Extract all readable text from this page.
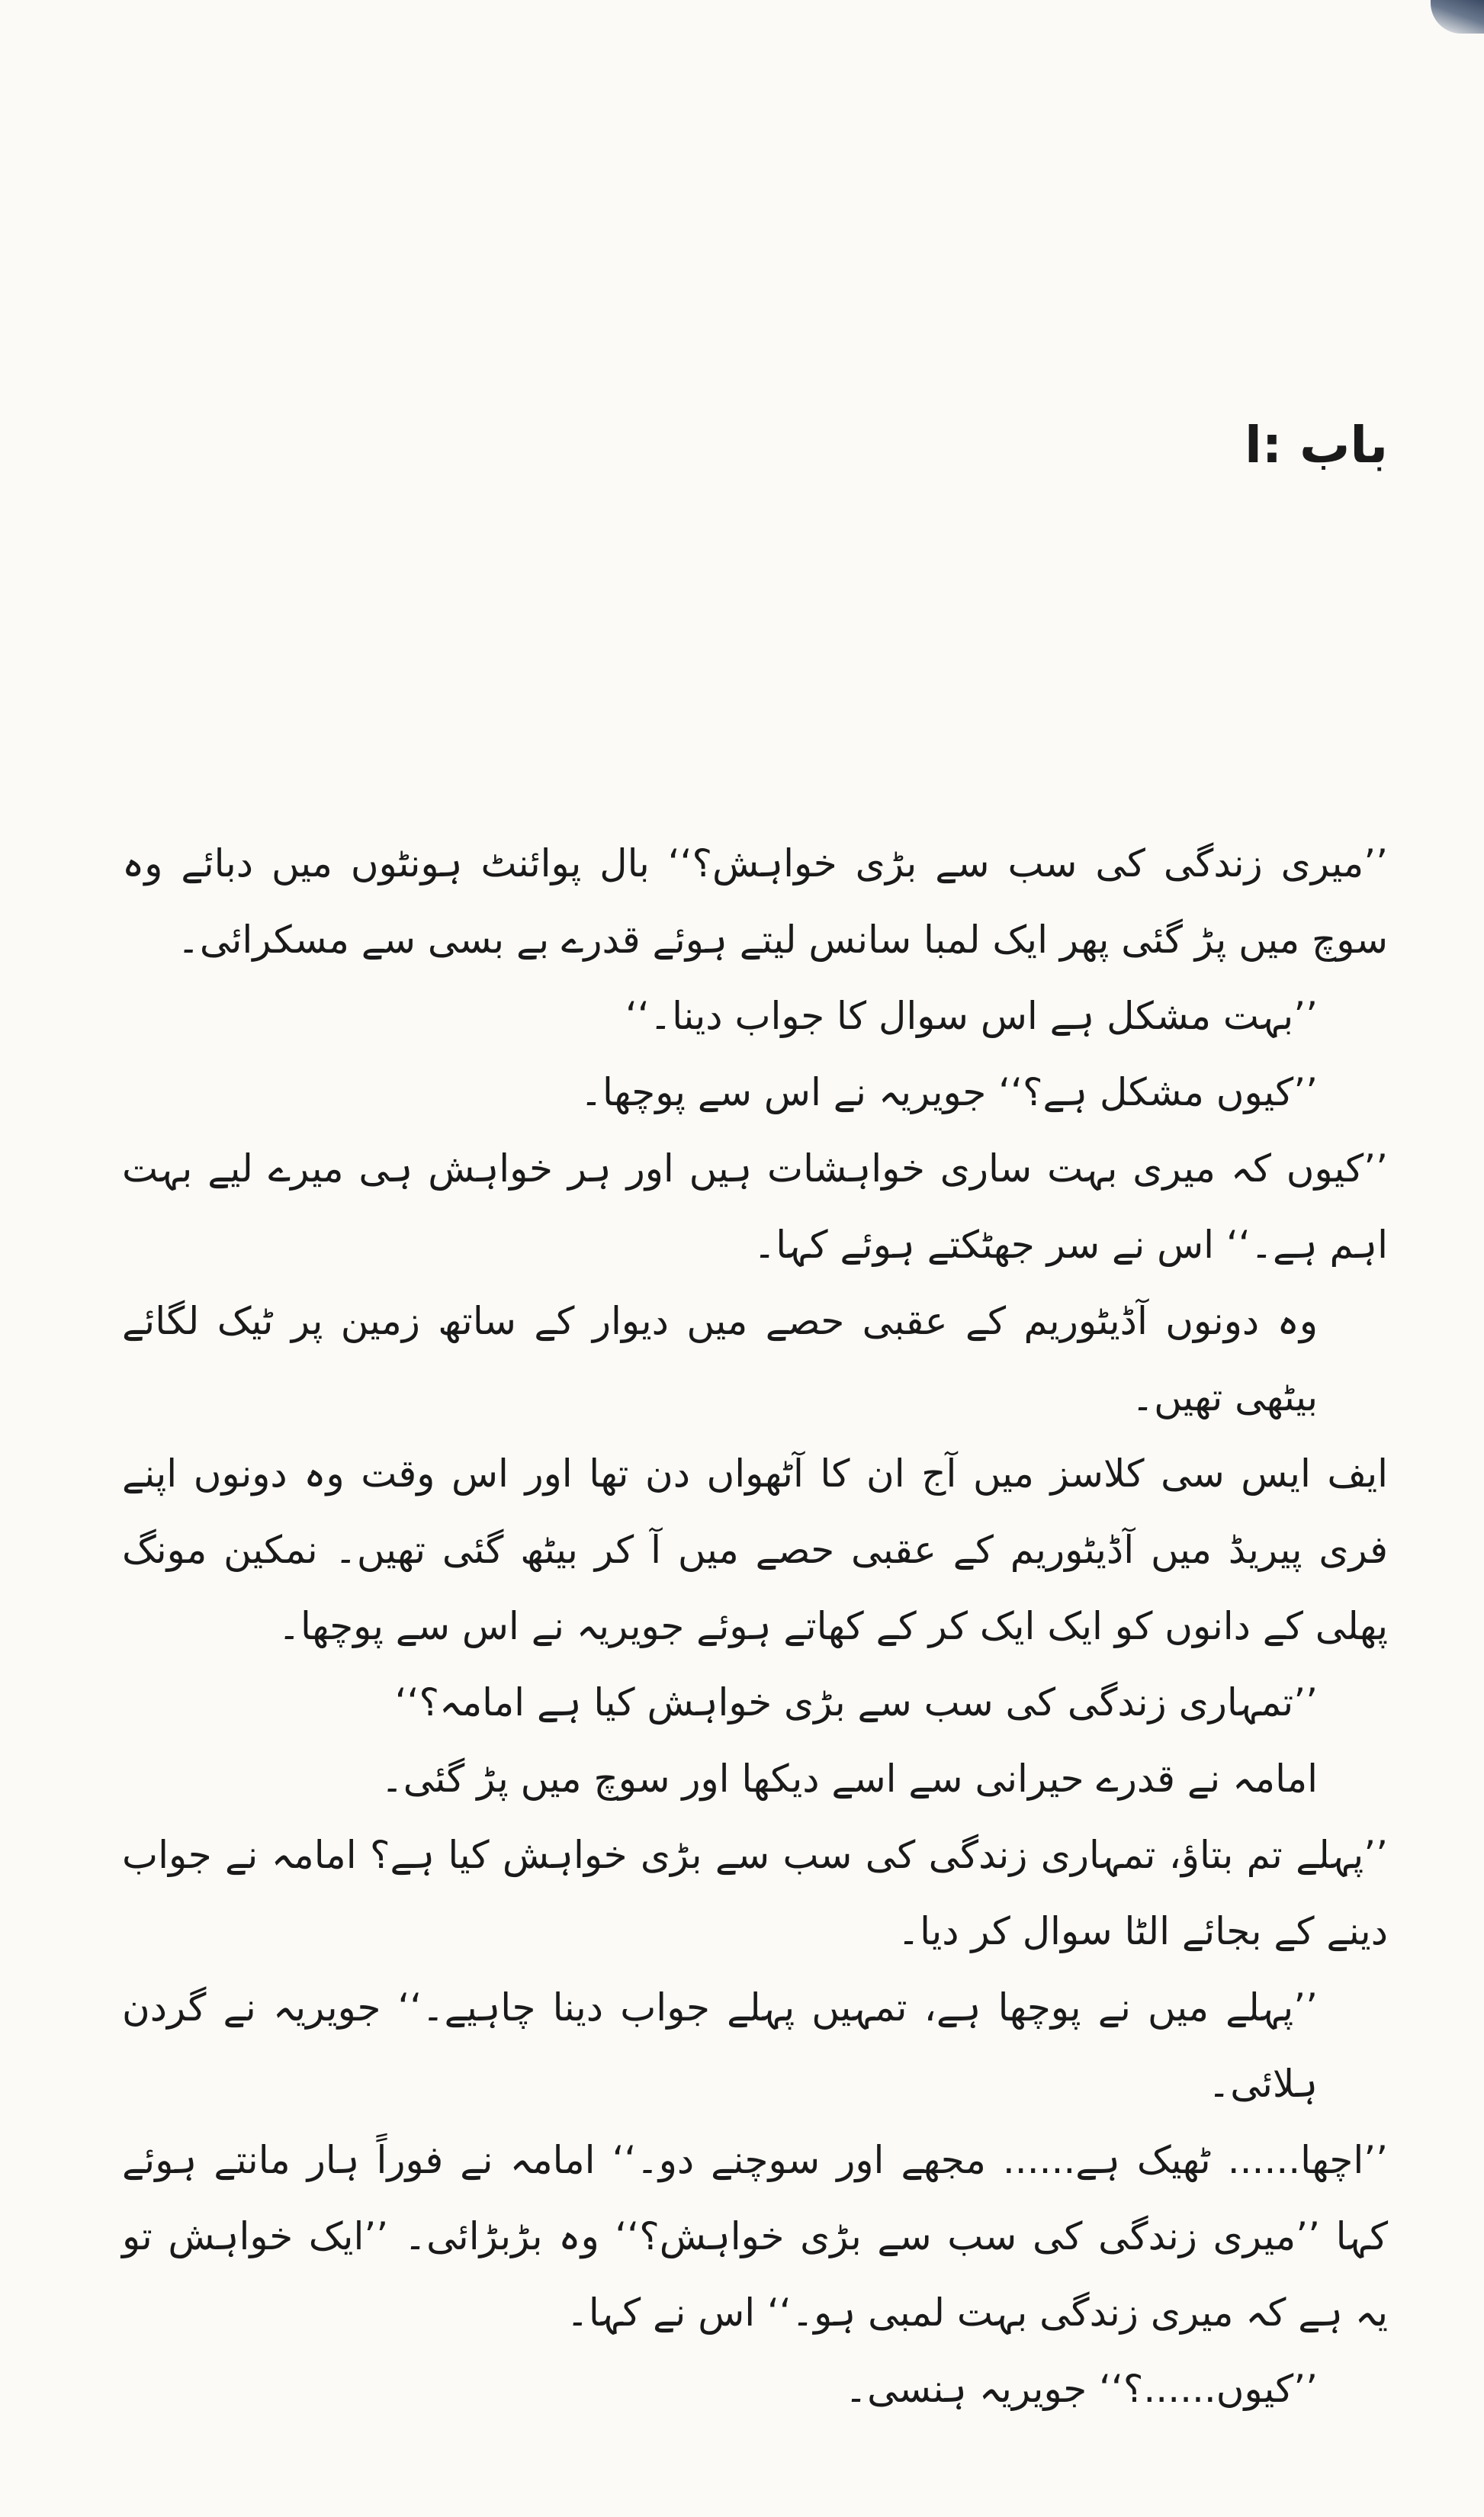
باب :ا

’’میری زندگی کی سب سے بڑی خواہش؟‘‘ بال پوائنٹ ہونٹوں میں دبائے وہ سوچ میں پڑ گئی پھر ایک لمبا سانس لیتے ہوئے قدرے بے بسی سے مسکرائی۔

’’بہت مشکل ہے اس سوال کا جواب دینا۔‘‘

’’کیوں مشکل ہے؟‘‘ جویریہ نے اس سے پوچھا۔

’’کیوں کہ میری بہت ساری خواہشات ہیں اور ہر خواہش ہی میرے لیے بہت اہم ہے۔‘‘ اس نے سر جھٹکتے ہوئے کہا۔

وہ دونوں آڈیٹوریم کے عقبی حصے میں دیوار کے ساتھ زمین پر ٹیک لگائے بیٹھی تھیں۔

ایف ایس سی کلاسز میں آج ان کا آٹھواں دن تھا اور اس وقت وہ دونوں اپنے فری پیریڈ میں آڈیٹوریم کے عقبی حصے میں آ کر بیٹھ گئی تھیں۔ نمکین مونگ پھلی کے دانوں کو ایک ایک کر کے کھاتے ہوئے جویریہ نے اس سے پوچھا۔

’’تمہاری زندگی کی سب سے بڑی خواہش کیا ہے امامہ؟‘‘

امامہ نے قدرے حیرانی سے اسے دیکھا اور سوچ میں پڑ گئی۔

’’پہلے تم بتاؤ، تمہاری زندگی کی سب سے بڑی خواہش کیا ہے؟ امامہ نے جواب دینے کے بجائے الٹا سوال کر دیا۔

’’پہلے میں نے پوچھا ہے، تمہیں پہلے جواب دینا چاہیے۔‘‘ جویریہ نے گردن ہلائی۔

’’اچھا...... ٹھیک ہے...... مجھے اور سوچنے دو۔‘‘ امامہ نے فوراً ہار مانتے ہوئے کہا ’’میری زندگی کی سب سے بڑی خواہش؟‘‘ وہ بڑبڑائی۔ ’’ایک خواہش تو یہ ہے کہ میری زندگی بہت لمبی ہو۔‘‘ اس نے کہا۔

’’کیوں......؟‘‘ جویریہ ہنسی۔
